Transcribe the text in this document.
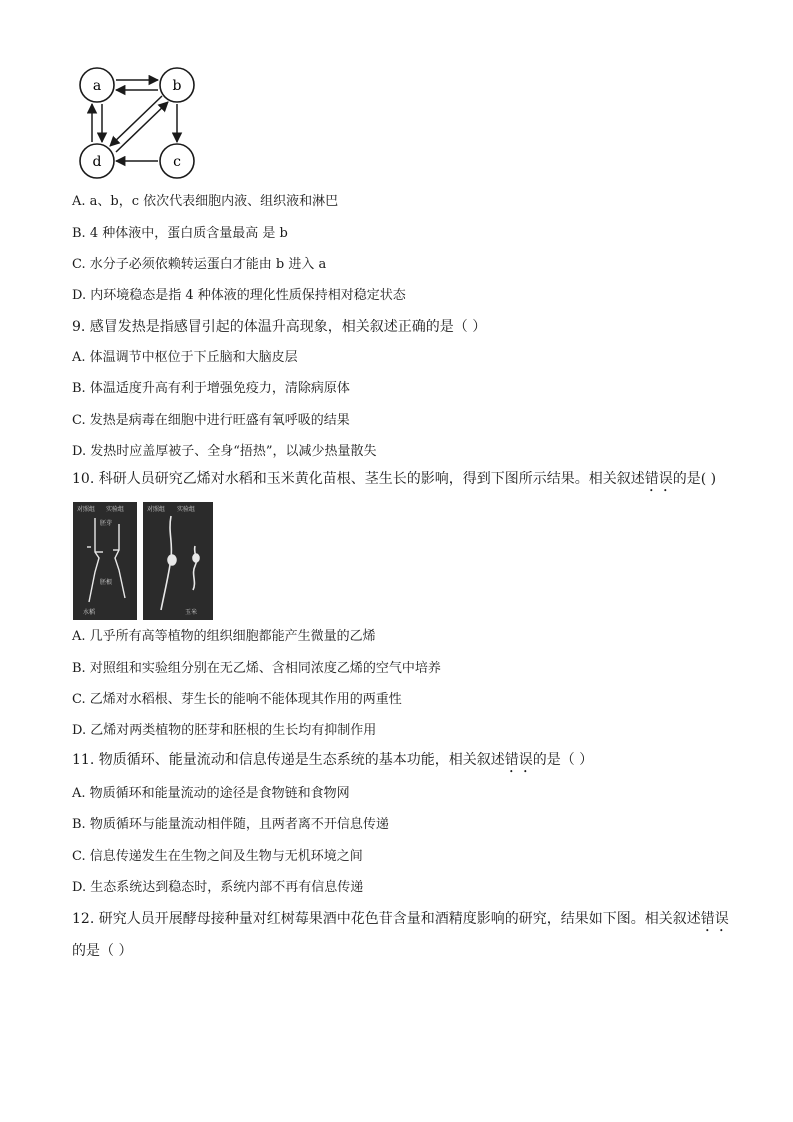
a	b
c
d
A. a、b，c 依次代表细胞内液、组织液和淋巴
B. 4 种体液中，蛋白质含量最高 是 b
C. 水分子必须依赖转运蛋白才能由 b 进入 a
D. 内环境稳态是指 4 种体液的理化性质保持相对稳定状态
9. 感冒发热是指感冒引起的体温升高现象，相关叙述正确的是（ ）
A. 体温调节中枢位于下丘脑和大脑皮层
B. 体温适度升高有利于增强免疫力，清除病原体
C. 发热是病毒在细胞中进行旺盛有氧呼吸的结果
D. 发热时应盖厚被子、全身“捂热”，以减少热量散失
10. 科研人员研究乙烯对水稻和玉米黄化苗根、茎生长的影响，得到下图所示结果。相关叙述错误的是( )
对照组 实验组
胚芽
胚根
水稻
对照组 实验组
玉米
A. 几乎所有高等植物的组织细胞都能产生微量的乙烯
B. 对照组和实验组分别在无乙烯、含相同浓度乙烯的空气中培养
C. 乙烯对水稻根、芽生长的能响不能体现其作用的两重性
D. 乙烯对两类植物的胚芽和胚根的生长均有抑制作用
11. 物质循环、能量流动和信息传递是生态系统的基本功能，相关叙述错误的是（ ）
A. 物质循环和能量流动的途径是食物链和食物网
B. 物质循环与能量流动相伴随，且两者离不开信息传递
C. 信息传递发生在生物之间及生物与无机环境之间
D. 生态系统达到稳态时，系统内部不再有信息传递
12. 研究人员开展酵母接种量对红树莓果酒中花色苷含量和酒精度影响的研究，结果如下图。相关叙述错误
的是（ ）
